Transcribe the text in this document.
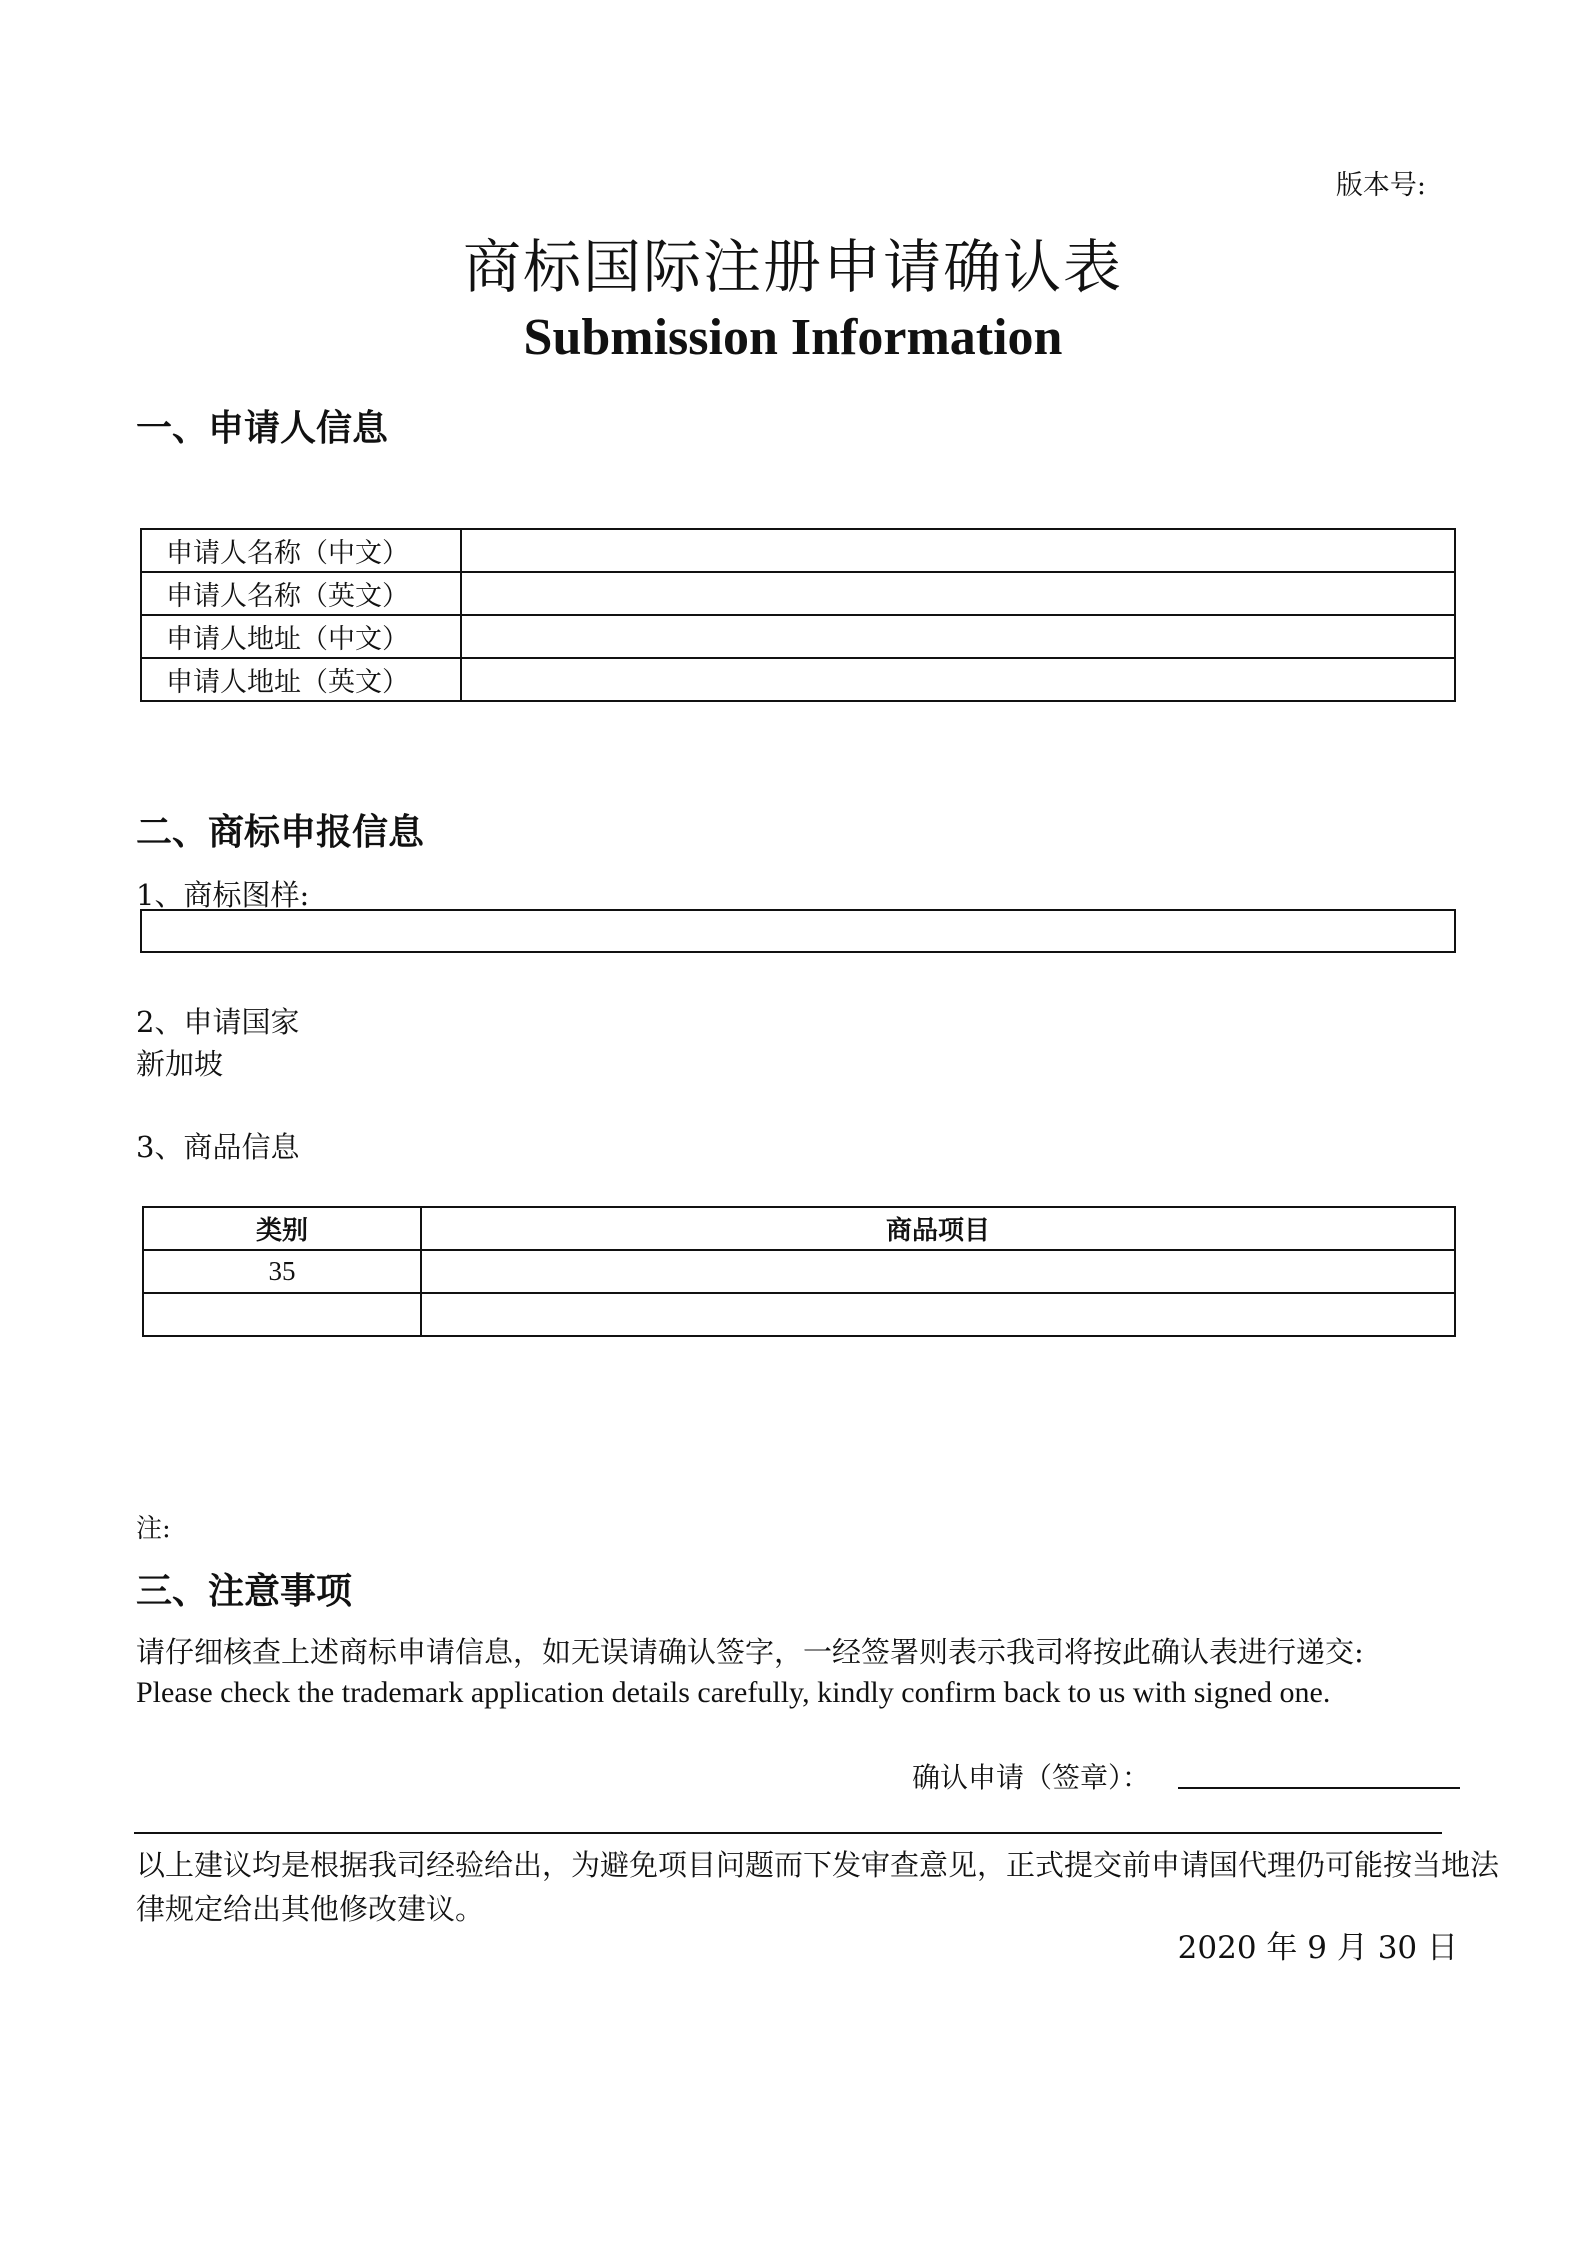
版本号:
商标国际注册申请确认表
Submission Information
一、申请人信息
申请人名称（中文）	
申请人名称（英文）	
申请人地址（中文）	
申请人地址（英文）	
二、商标申报信息
1、商标图样:
2、申请国家
新加坡
3、商品信息
类别	商品项目
35	

注:
三、注意事项
请仔细核查上述商标申请信息，如无误请确认签字，一经签署则表示我司将按此确认表进行递交:
Please check the trademark application details carefully, kindly confirm back to us with signed one.
确认申请（签章）：
以上建议均是根据我司经验给出，为避免项目问题而下发审查意见，正式提交前申请国代理仍可能按当地法
律规定给出其他修改建议。
2020 年 9 月 30 日
